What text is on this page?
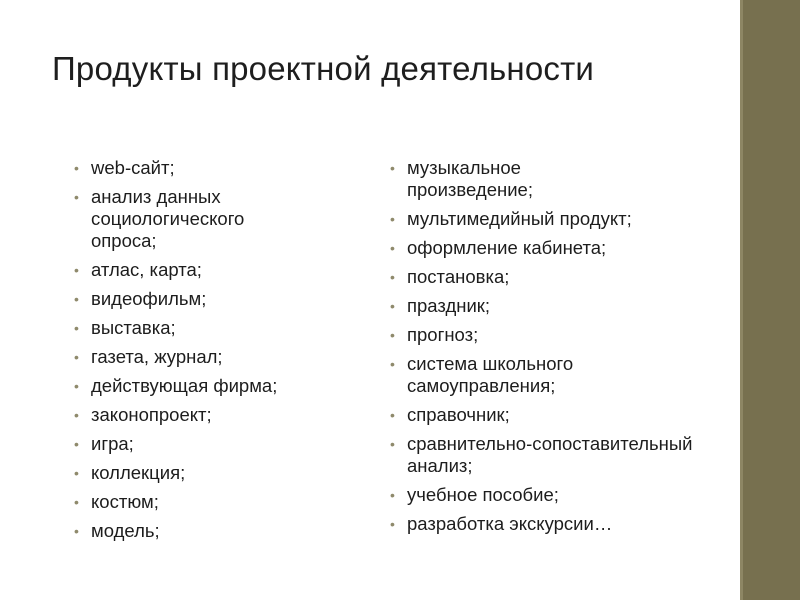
Продукты проектной деятельности
• web-сайт;
• анализ данных социологического опроса;
• атлас, карта;
• видеофильм;
• выставка;
• газета, журнал;
• действующая фирма;
• законопроект;
• игра;
• коллекция;
• костюм;
• модель;
• музыкальное произведение;
• мультимедийный продукт;
• оформление кабинета;
• постановка;
• праздник;
• прогноз;
• система школьного самоуправления;
• справочник;
• сравнительно-сопоставительный анализ;
• учебное пособие;
• разработка экскурсии…
